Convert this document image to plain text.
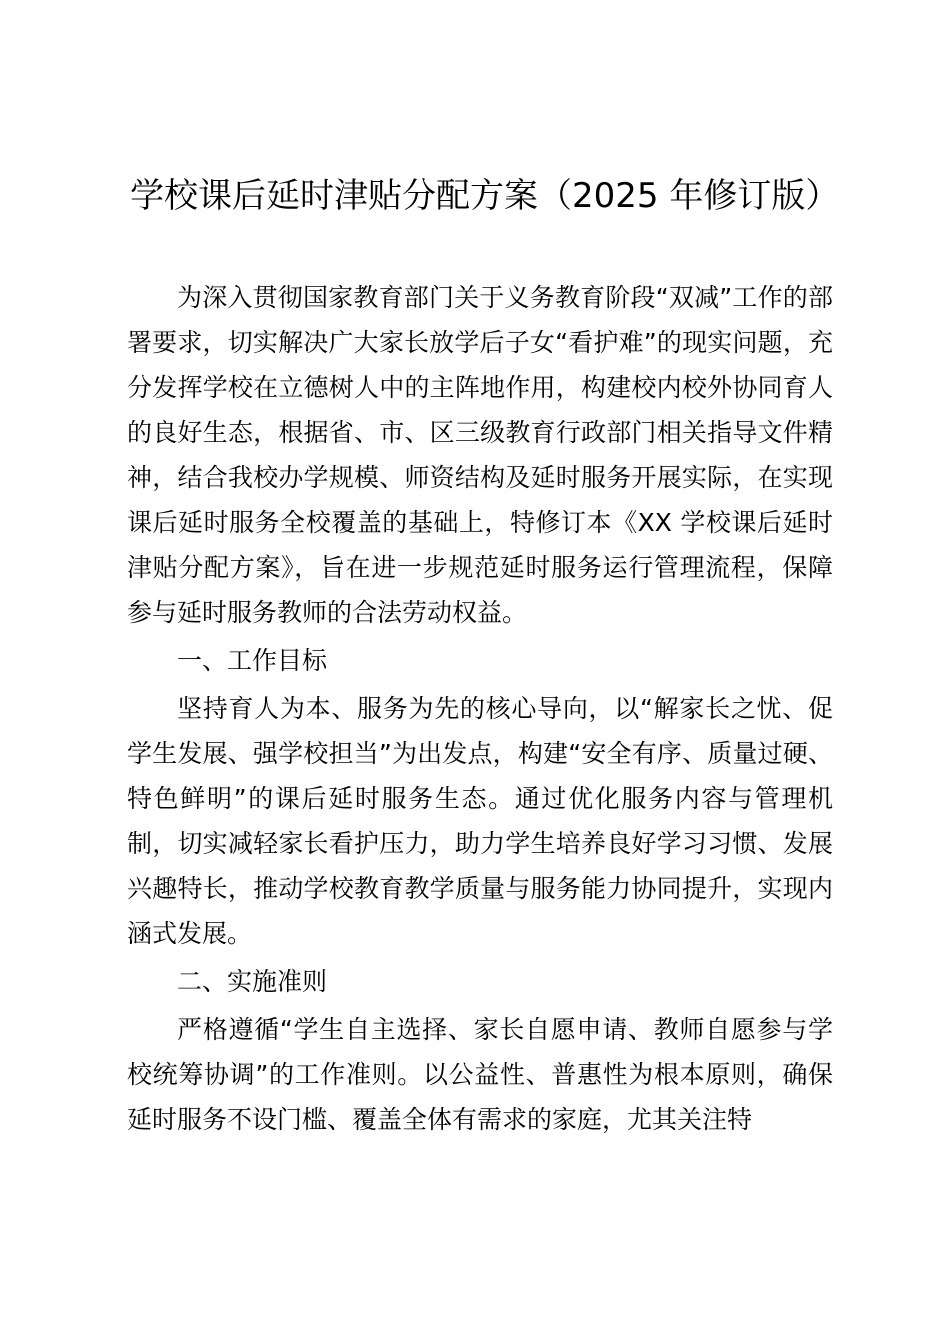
学校课后延时津贴分配方案（2025 年修订版）

为深入贯彻国家教育部门关于义务教育阶段“双减”工作的部署要求，切实解决广大家长放学后子女“看护难”的现实问题，充分发挥学校在立德树人中的主阵地作用，构建校内校外协同育人的良好生态，根据省、市、区三级教育行政部门相关指导文件精神，结合我校办学规模、师资结构及延时服务开展实际，在实现课后延时服务全校覆盖的基础上，特修订本《XX 学校课后延时津贴分配方案》，旨在进一步规范延时服务运行管理流程，保障参与延时服务教师的合法劳动权益。

一、工作目标

坚持育人为本、服务为先的核心导向，以“解家长之忧、促学生发展、强学校担当”为出发点，构建“安全有序、质量过硬、特色鲜明”的课后延时服务生态。通过优化服务内容与管理机制，切实减轻家长看护压力，助力学生培养良好学习习惯、发展兴趣特长，推动学校教育教学质量与服务能力协同提升，实现内涵式发展。

二、实施准则

严格遵循“学生自主选择、家长自愿申请、教师自愿参与学校统筹协调”的工作准则。以公益性、普惠性为根本原则，确保延时服务不设门槛、覆盖全体有需求的家庭，尤其关注特
